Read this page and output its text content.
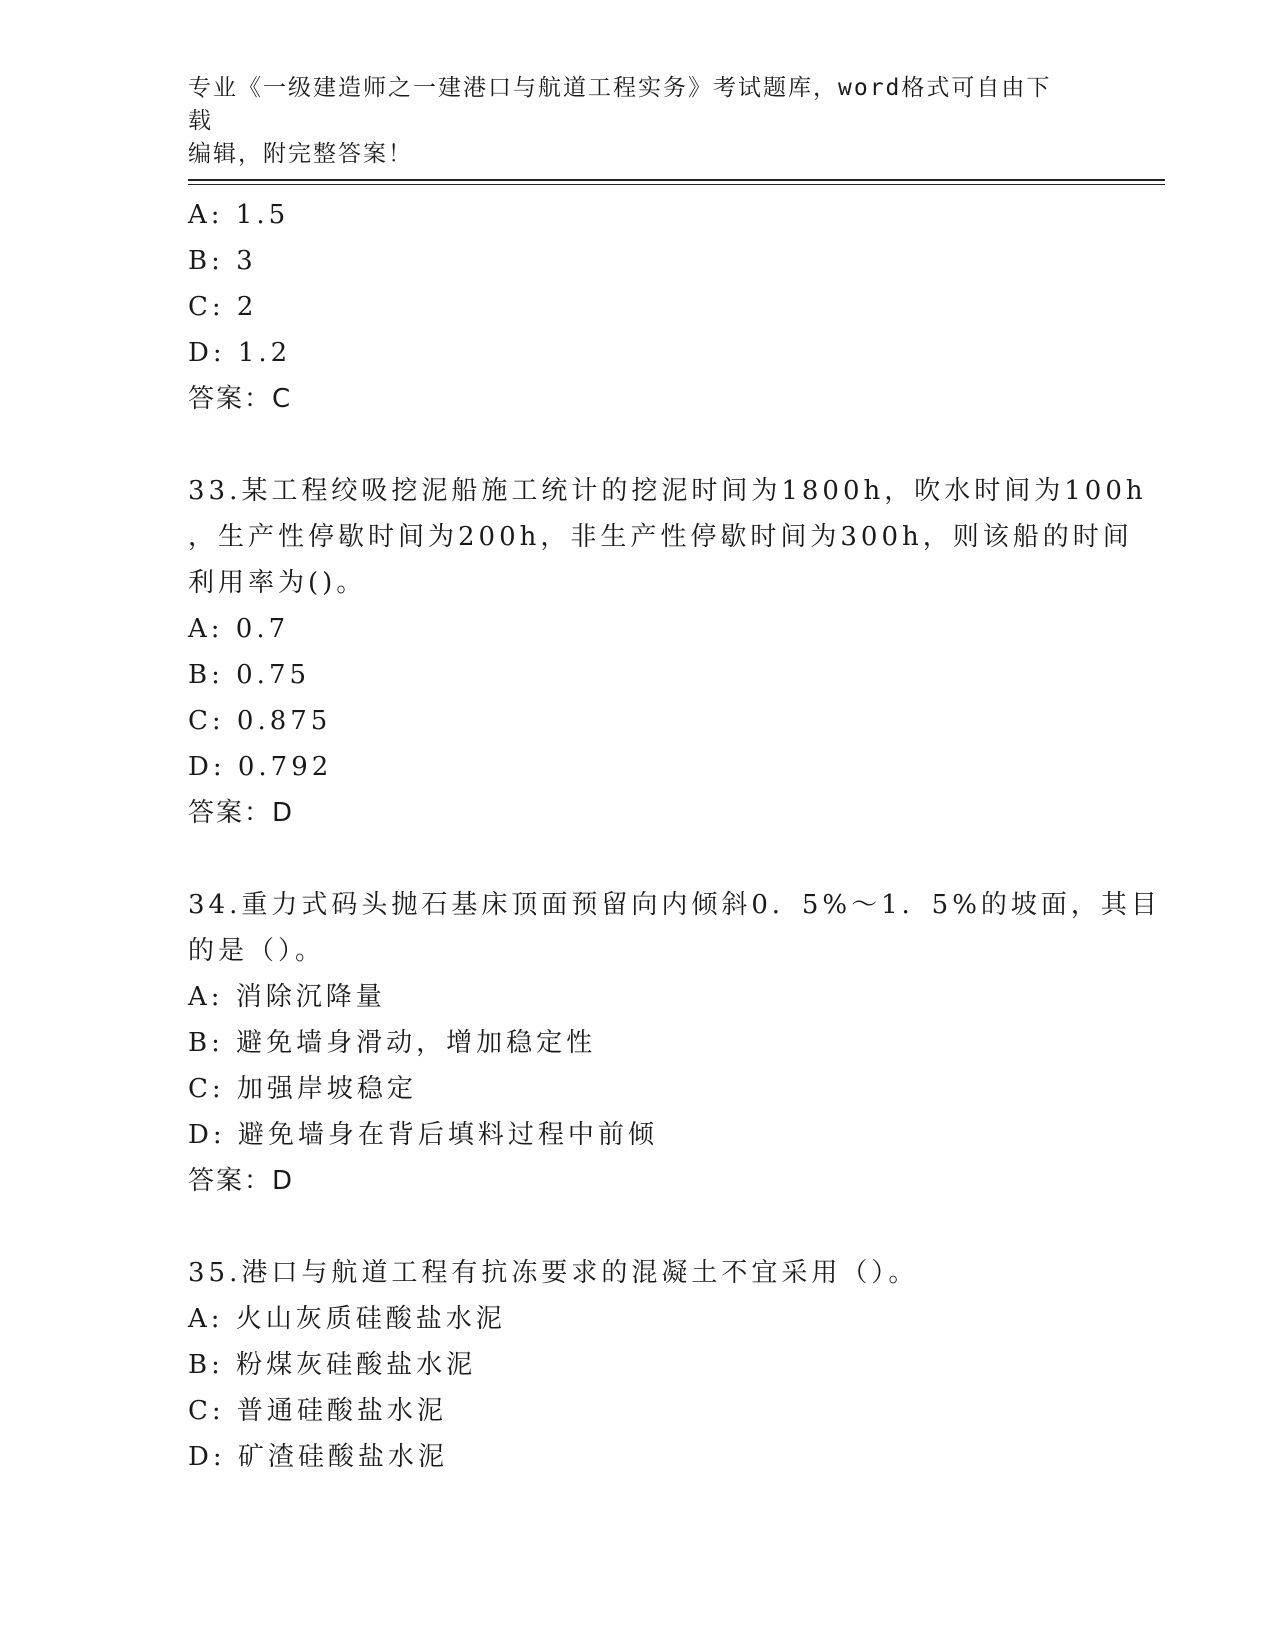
专业《一级建造师之一建港口与航道工程实务》考试题库，word格式可自由下载
编辑，附完整答案！
A: 1.5
B: 3
C: 2
D: 1.2
答案：C
33.某工程绞吸挖泥船施工统计的挖泥时间为1800h，吹水时间为100h
，生产性停歇时间为200h，非生产性停歇时间为300h，则该船的时间
利用率为()。
A: 0.7
B: 0.75
C: 0.875
D: 0.792
答案：D
34.重力式码头抛石基床顶面预留向内倾斜0．5%～1．5%的坡面，其目
的是（）。
A: 消除沉降量
B: 避免墙身滑动，增加稳定性
C: 加强岸坡稳定
D: 避免墙身在背后填料过程中前倾
答案：D
35.港口与航道工程有抗冻要求的混凝土不宜采用（）。
A: 火山灰质硅酸盐水泥
B: 粉煤灰硅酸盐水泥
C: 普通硅酸盐水泥
D: 矿渣硅酸盐水泥
